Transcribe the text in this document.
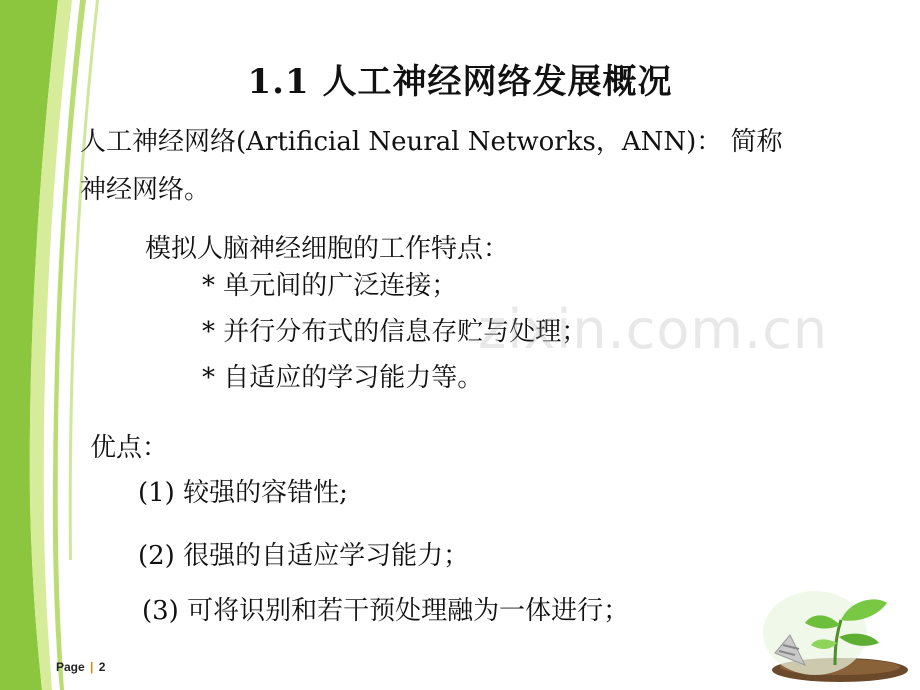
1.1 人工神经网络发展概况
人工神经网络(Artificial Neural Networks，ANN)： 简称神经网络。
模拟人脑神经细胞的工作特点：
* 单元间的广泛连接；
* 并行分布式的信息存贮与处理；
* 自适应的学习能力等。
zixin.com.cn
优点：
(1) 较强的容错性;
(2) 很强的自适应学习能力；
(3) 可将识别和若干预处理融为一体进行；
Page | 2
